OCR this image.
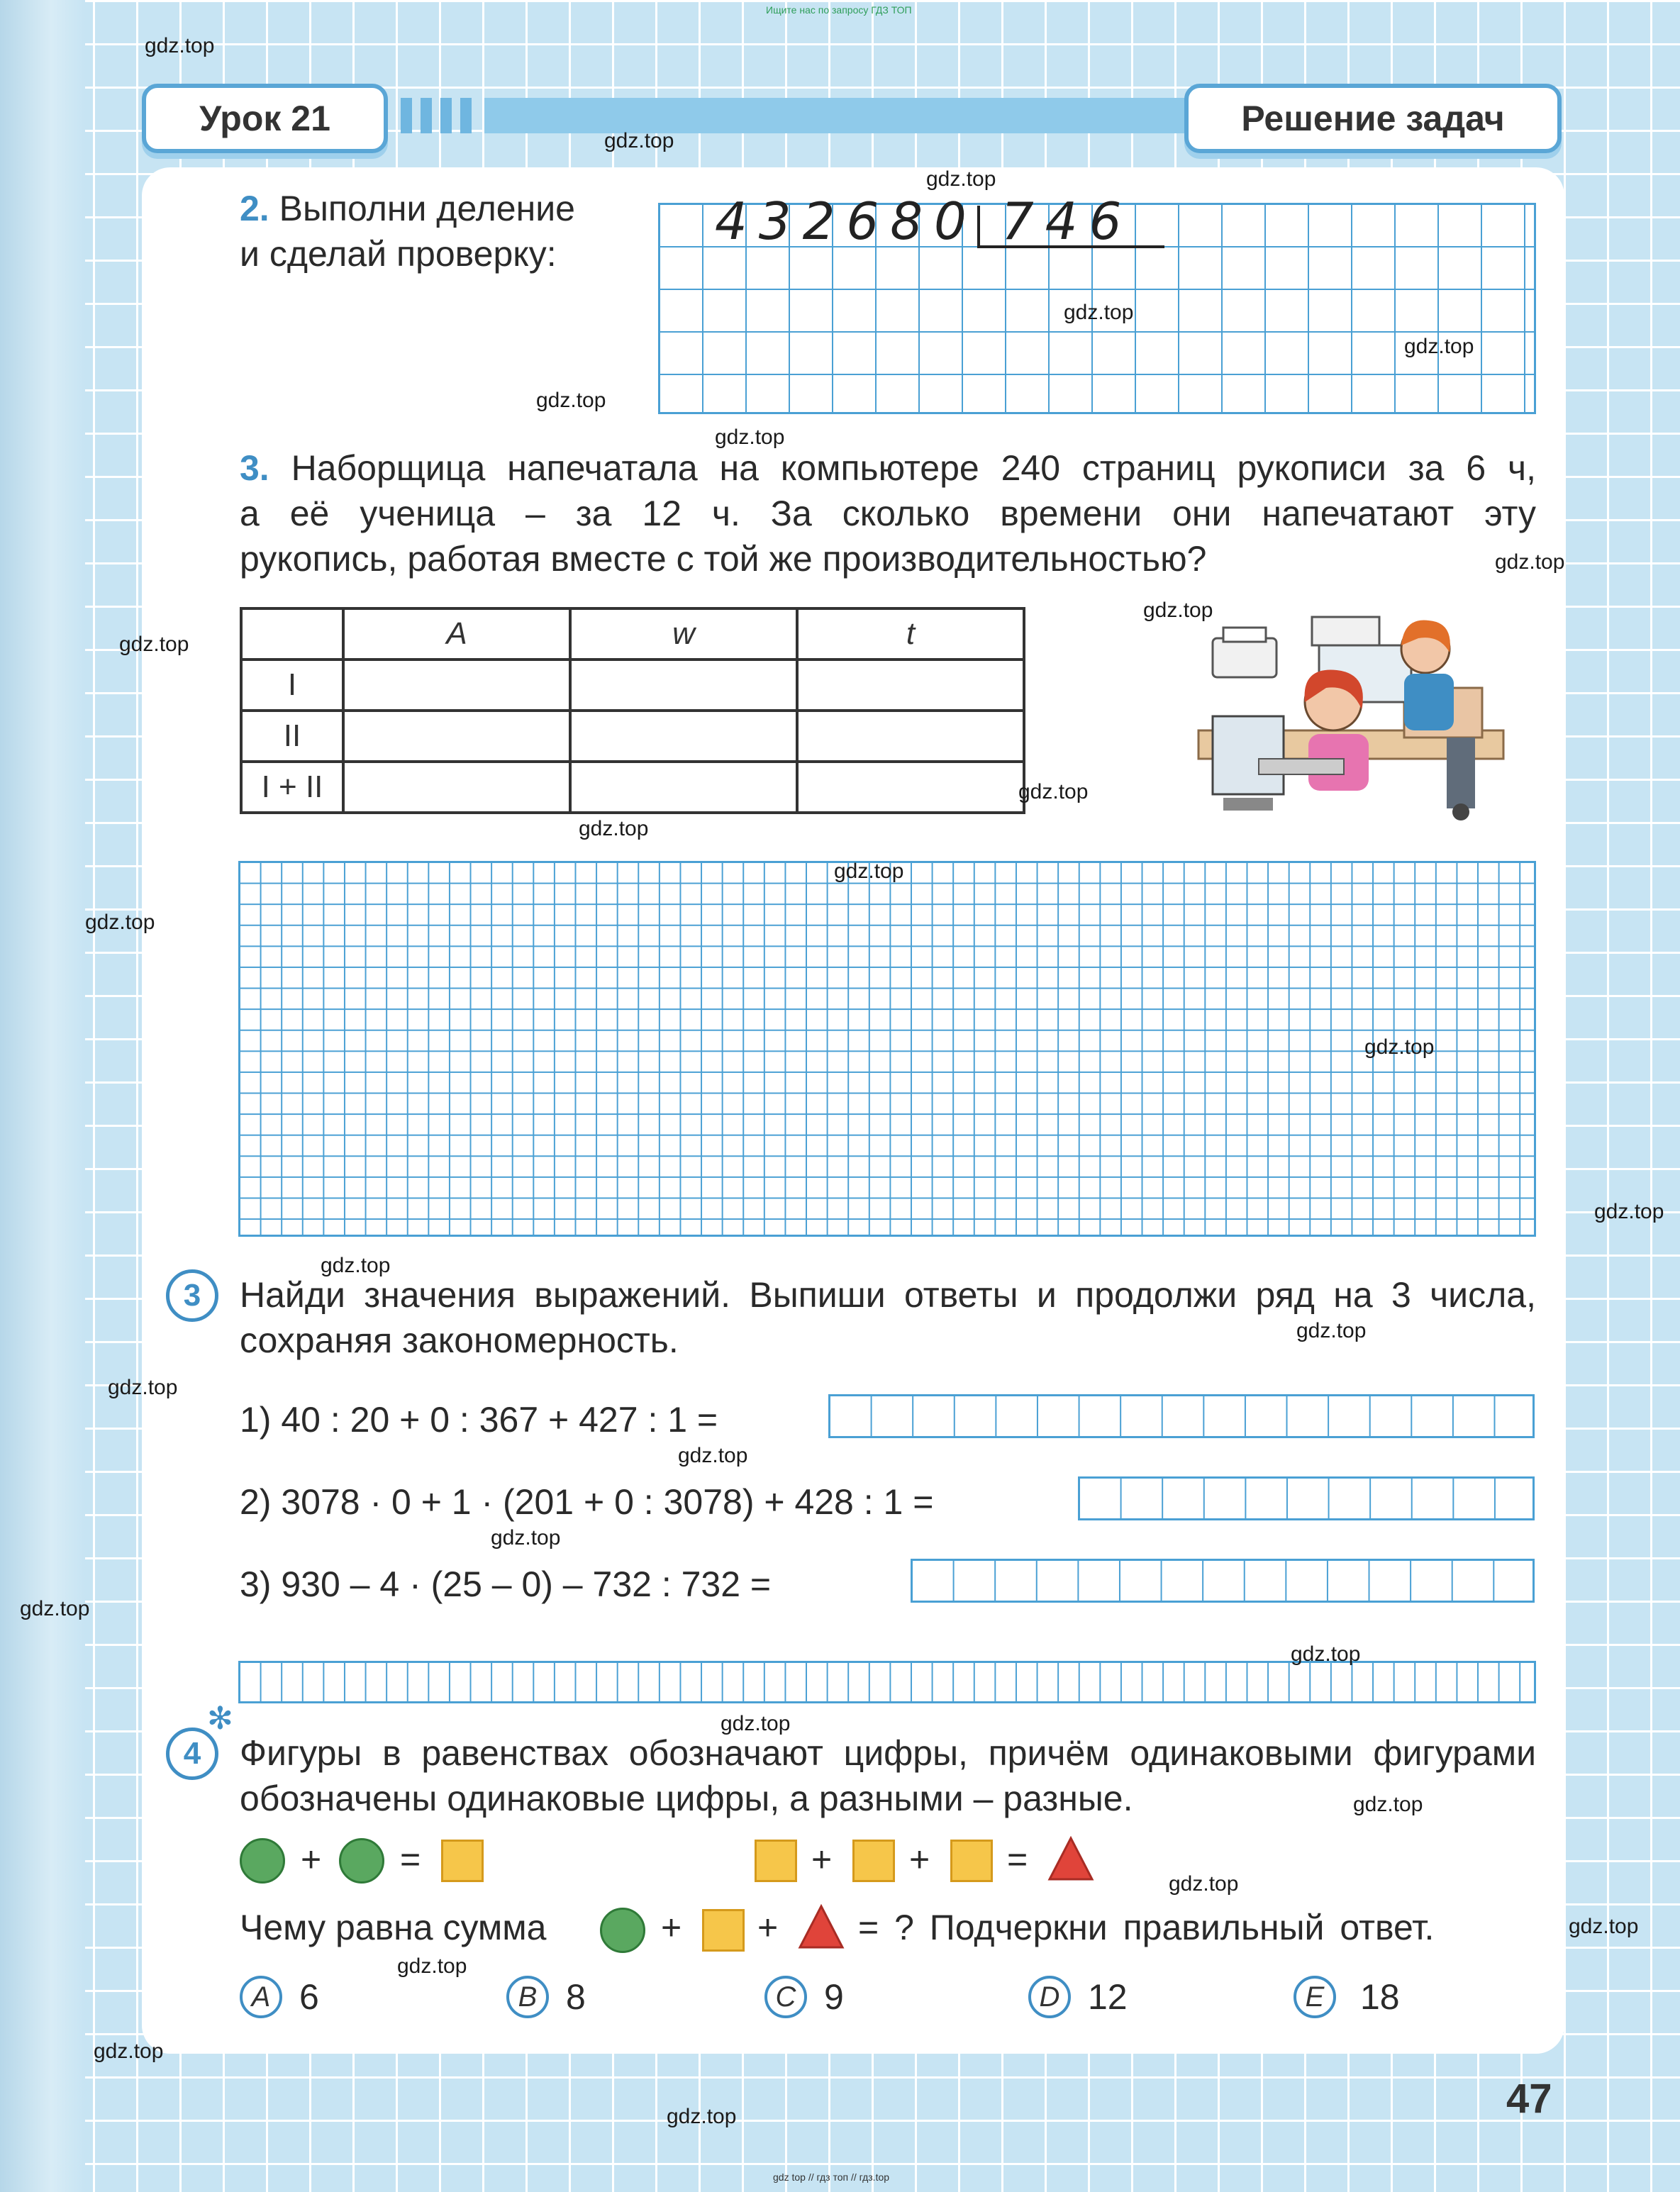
Ищите нас по запросу ГДЗ ТОП
Урок 21	Решение задач
2. Выполни деление
и сделай проверку:
432680 746
3. Наборщица напечатала на компьютере 240 страниц рукописи за 6 ч,
а её ученица – за 12 ч. За сколько времени они напечатают эту
рукопись, работая вместе с той же производительностью?
	A	w	t
I			
II			
I + II			
3	Найди значения выражений. Выпиши ответы и продолжи ряд на 3 числа,
сохраняя закономерность.
1) 40 : 20 + 0 : 367 + 427 : 1 =
2) 3078 · 0 + 1 · (201 + 0 : 3078) + 428 : 1 =
3) 930 – 4 · (25 – 0) – 732 : 732 =
✻
4	Фигуры в равенствах обозначают цифры, причём одинаковыми фигурами
обозначены одинаковые цифры, а разными – разные.
+ =	+ + =
Чему равна сумма	+ + = ? Подчеркни правильный ответ.
A 6	B 8	C 9	D 12	E	18
47
gdz top // гдз топ // гдз.top
gdz.top
gdz.top
gdz.top
gdz.top
gdz.top
gdz.top
gdz.top
gdz.top
gdz.top
gdz.top
gdz.top
gdz.top
gdz.top
gdz.top
gdz.top
gdz.top
gdz.top
gdz.top
gdz.top
gdz.top
gdz.top
gdz.top
gdz.top
gdz.top
gdz.top
gdz.top
gdz.top
gdz.top
gdz.top
gdz.top
